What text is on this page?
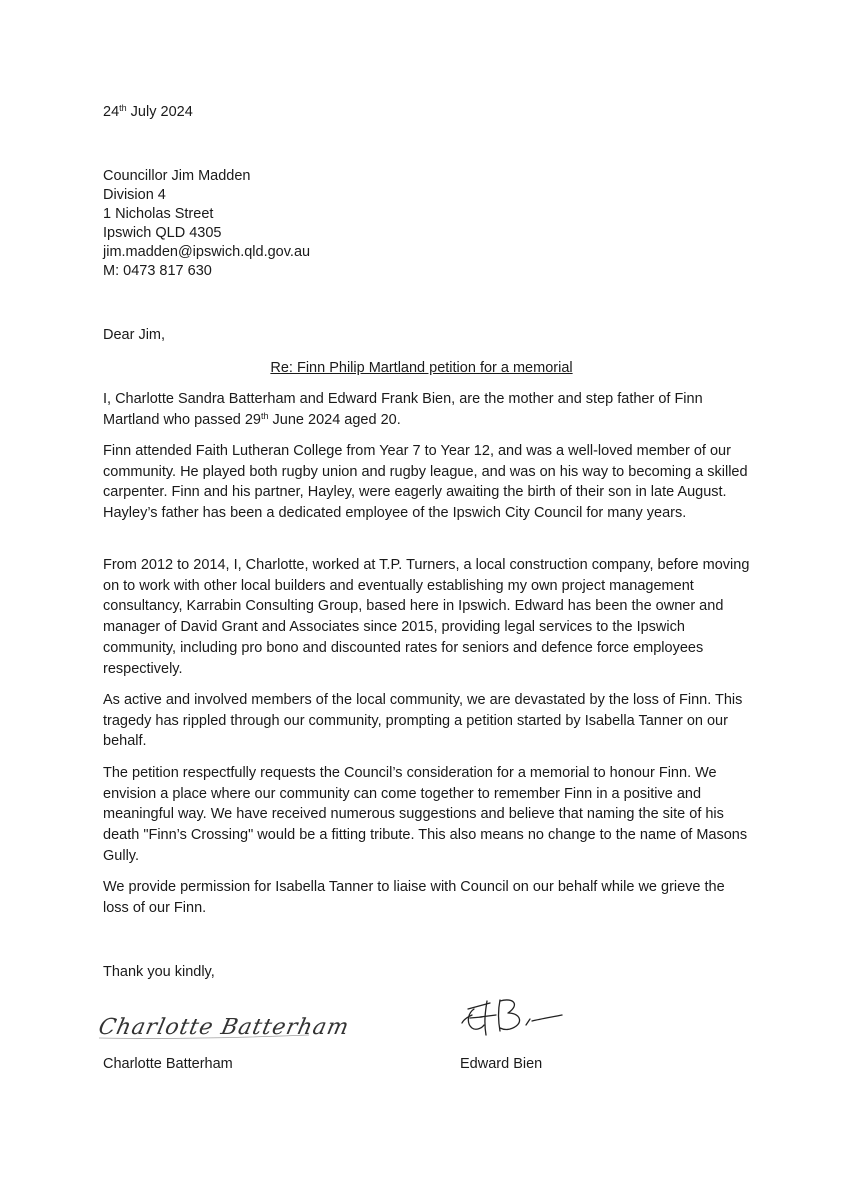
24th July 2024
Councillor Jim Madden
Division 4
1 Nicholas Street
Ipswich QLD 4305
jim.madden@ipswich.qld.gov.au
M: 0473 817 630
Dear Jim,
Re: Finn Philip Martland petition for a memorial

I, Charlotte Sandra Batterham and Edward Frank Bien, are the mother and step father of Finn Martland who passed 29th June 2024 aged 20.

Finn attended Faith Lutheran College from Year 7 to Year 12, and was a well-loved member of our community. He played both rugby union and rugby league, and was on his way to becoming a skilled carpenter. Finn and his partner, Hayley, were eagerly awaiting the birth of their son in late August. Hayley’s father has been a dedicated employee of the Ipswich City Council for many years.

From 2012 to 2014, I, Charlotte, worked at T.P. Turners, a local construction company, before moving on to work with other local builders and eventually establishing my own project management consultancy, Karrabin Consulting Group, based here in Ipswich. Edward has been the owner and manager of David Grant and Associates since 2015, providing legal services to the Ipswich community, including pro bono and discounted rates for seniors and defence force employees respectively.

As active and involved members of the local community, we are devastated by the loss of Finn. This tragedy has rippled through our community, prompting a petition started by Isabella Tanner on our behalf.

The petition respectfully requests the Council’s consideration for a memorial to honour Finn. We envision a place where our community can come together to remember Finn in a positive and meaningful way. We have received numerous suggestions and believe that naming the site of his death "Finn’s Crossing" would be a fitting tribute. This also means no change to the name of Masons Gully.

We provide permission for Isabella Tanner to liaise with Council on our behalf while we grieve the loss of our Finn.

Thank you kindly,
Charlotte Batterham
Charlotte Batterham	Edward Bien
